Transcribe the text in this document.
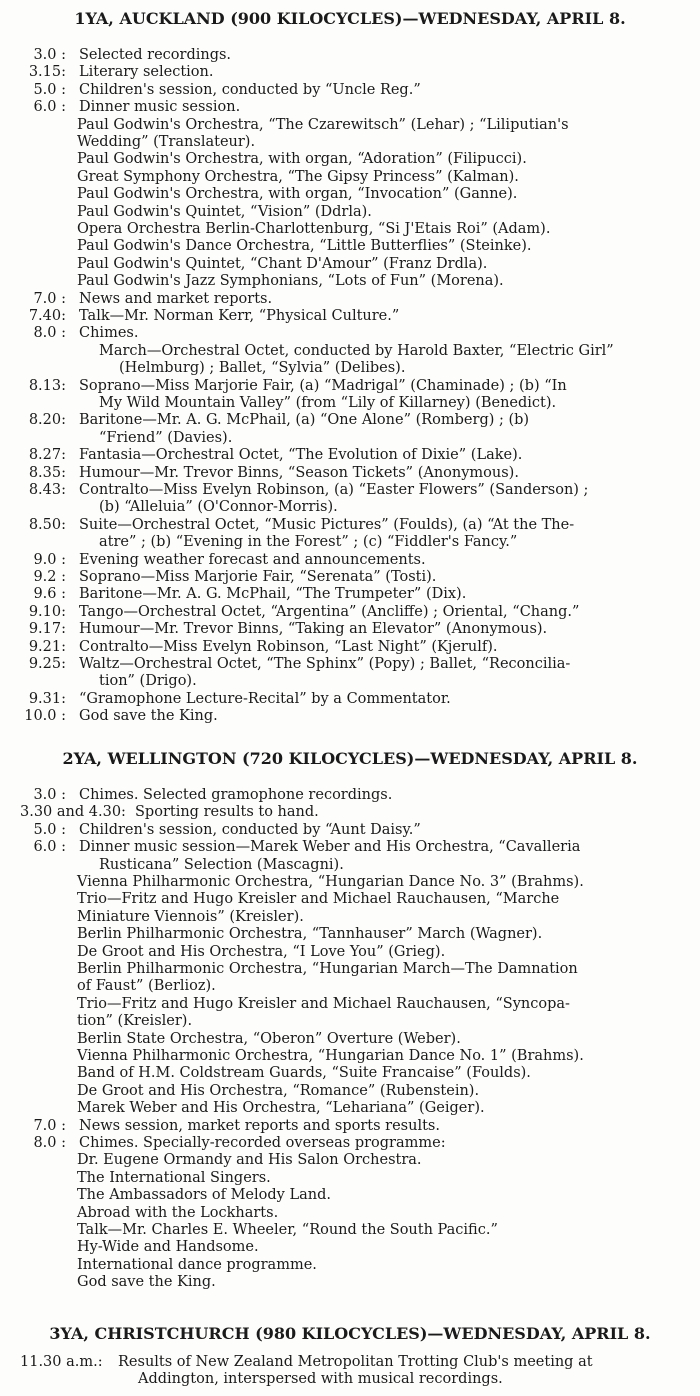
1YA, AUCKLAND (900 KILOCYCLES)—WEDNESDAY, APRIL 8.
3.0 : Selected recordings.
3.15: Literary selection.
5.0 : Children's session, conducted by “Uncle Reg.”
6.0 : Dinner music session.
Paul Godwin's Orchestra, “The Czarewitsch” (Lehar) ; “Liliputian's
Wedding” (Translateur).
Paul Godwin's Orchestra, with organ, “Adoration” (Filipucci).
Great Symphony Orchestra, “The Gipsy Princess” (Kalman).
Paul Godwin's Orchestra, with organ, “Invocation” (Ganne).
Paul Godwin's Quintet, “Vision” (Ddrla).
Opera Orchestra Berlin-Charlottenburg, “Si J'Etais Roi” (Adam).
Paul Godwin's Dance Orchestra, “Little Butterflies” (Steinke).
Paul Godwin's Quintet, “Chant D'Amour” (Franz Drdla).
Paul Godwin's Jazz Symphonians, “Lots of Fun” (Morena).
7.0 : News and market reports.
7.40: Talk—Mr. Norman Kerr, “Physical Culture.”
8.0 : Chimes.
March—Orchestral Octet, conducted by Harold Baxter, “Electric Girl”
(Helmburg) ; Ballet, “Sylvia” (Delibes).
8.13: Soprano—Miss Marjorie Fair, (a) “Madrigal” (Chaminade) ; (b) “In
My Wild Mountain Valley” (from “Lily of Killarney) (Benedict).
8.20: Baritone—Mr. A. G. McPhail, (a) “One Alone” (Romberg) ; (b)
“Friend” (Davies).
8.27: Fantasia—Orchestral Octet, “The Evolution of Dixie” (Lake).
8.35: Humour—Mr. Trevor Binns, “Season Tickets” (Anonymous).
8.43: Contralto—Miss Evelyn Robinson, (a) “Easter Flowers” (Sanderson) ;
(b) “Alleluia” (O'Connor-Morris).
8.50: Suite—Orchestral Octet, “Music Pictures” (Foulds), (a) “At the The-
atre” ; (b) “Evening in the Forest” ; (c) “Fiddler's Fancy.”
9.0 : Evening weather forecast and announcements.
9.2 : Soprano—Miss Marjorie Fair, “Serenata” (Tosti).
9.6 : Baritone—Mr. A. G. McPhail, “The Trumpeter” (Dix).
9.10: Tango—Orchestral Octet, “Argentina” (Ancliffe) ; Oriental, “Chang.”
9.17: Humour—Mr. Trevor Binns, “Taking an Elevator” (Anonymous).
9.21: Contralto—Miss Evelyn Robinson, “Last Night” (Kjerulf).
9.25: Waltz—Orchestral Octet, “The Sphinx” (Popy) ; Ballet, “Reconcilia-
tion” (Drigo).
9.31: “Gramophone Lecture-Recital” by a Commentator.
10.0 : God save the King.
2YA, WELLINGTON (720 KILOCYCLES)—WEDNESDAY, APRIL 8.
3.0 : Chimes. Selected gramophone recordings.
3.30 and 4.30: Sporting results to hand.
5.0 : Children's session, conducted by “Aunt Daisy.”
6.0 : Dinner music session—Marek Weber and His Orchestra, “Cavalleria
Rusticana” Selection (Mascagni).
Vienna Philharmonic Orchestra, “Hungarian Dance No. 3” (Brahms).
Trio—Fritz and Hugo Kreisler and Michael Rauchausen, “Marche
Miniature Viennois” (Kreisler).
Berlin Philharmonic Orchestra, “Tannhauser” March (Wagner).
De Groot and His Orchestra, “I Love You” (Grieg).
Berlin Philharmonic Orchestra, “Hungarian March—The Damnation
of Faust” (Berlioz).
Trio—Fritz and Hugo Kreisler and Michael Rauchausen, “Syncopa-
tion” (Kreisler).
Berlin State Orchestra, “Oberon” Overture (Weber).
Vienna Philharmonic Orchestra, “Hungarian Dance No. 1” (Brahms).
Band of H.M. Coldstream Guards, “Suite Francaise” (Foulds).
De Groot and His Orchestra, “Romance” (Rubenstein).
Marek Weber and His Orchestra, “Lehariana” (Geiger).
7.0 : News session, market reports and sports results.
8.0 : Chimes. Specially-recorded overseas programme:
Dr. Eugene Ormandy and His Salon Orchestra.
The International Singers.
The Ambassadors of Melody Land.
Abroad with the Lockharts.
Talk—Mr. Charles E. Wheeler, “Round the South Pacific.”
Hy-Wide and Handsome.
International dance programme.
God save the King.
3YA, CHRISTCHURCH (980 KILOCYCLES)—WEDNESDAY, APRIL 8.
11.30 a.m.: Results of New Zealand Metropolitan Trotting Club's meeting at
Addington, interspersed with musical recordings.
